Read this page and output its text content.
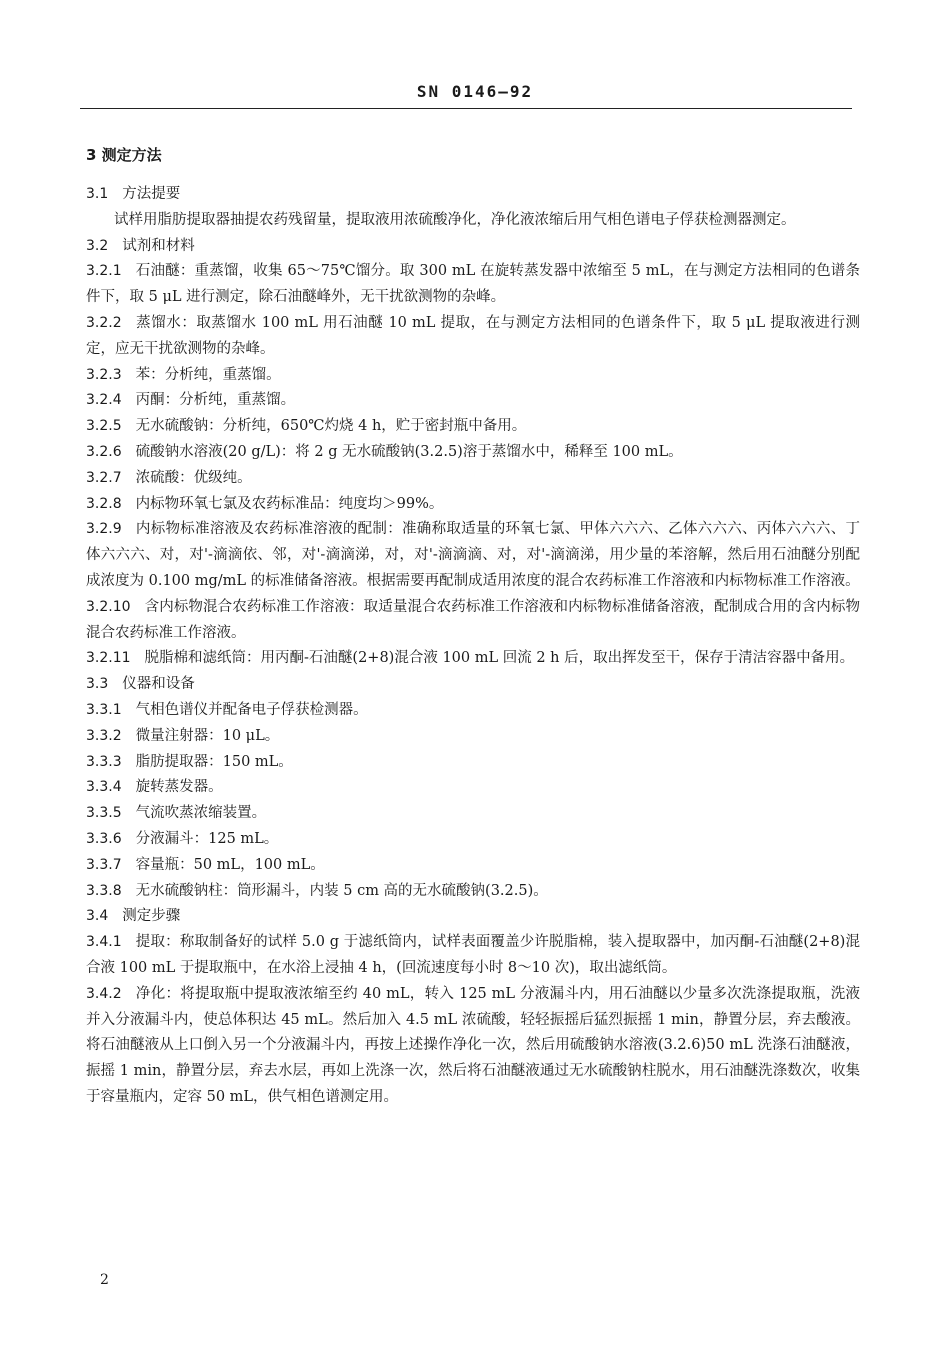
SN 0146—92
3 测定方法
3.1 方法提要
试样用脂肪提取器抽提农药残留量，提取液用浓硫酸净化，净化液浓缩后用气相色谱电子俘获检测器测定。
3.2 试剂和材料
3.2.1 石油醚：重蒸馏，收集 65～75℃馏分。取 300 mL 在旋转蒸发器中浓缩至 5 mL，在与测定方法相同的色谱条件下，取 5 μL 进行测定，除石油醚峰外，无干扰欲测物的杂峰。
3.2.2 蒸馏水：取蒸馏水 100 mL 用石油醚 10 mL 提取，在与测定方法相同的色谱条件下，取 5 μL 提取液进行测定，应无干扰欲测物的杂峰。
3.2.3 苯：分析纯，重蒸馏。
3.2.4 丙酮：分析纯，重蒸馏。
3.2.5 无水硫酸钠：分析纯，650℃灼烧 4 h，贮于密封瓶中备用。
3.2.6 硫酸钠水溶液(20 g/L)：将 2 g 无水硫酸钠(3.2.5)溶于蒸馏水中，稀释至 100 mL。
3.2.7 浓硫酸：优级纯。
3.2.8 内标物环氧七氯及农药标准品：纯度均＞99%。
3.2.9 内标物标准溶液及农药标准溶液的配制：准确称取适量的环氧七氯、甲体六六六、乙体六六六、丙体六六六、丁体六六六、对，对'-滴滴依、邻，对'-滴滴涕，对，对'-滴滴滴、对，对'-滴滴涕，用少量的苯溶解，然后用石油醚分别配成浓度为 0.100 mg/mL 的标准储备溶液。根据需要再配制成适用浓度的混合农药标准工作溶液和内标物标准工作溶液。
3.2.10 含内标物混合农药标准工作溶液：取适量混合农药标准工作溶液和内标物标准储备溶液，配制成合用的含内标物混合农药标准工作溶液。
3.2.11 脱脂棉和滤纸筒：用丙酮-石油醚(2+8)混合液 100 mL 回流 2 h 后，取出挥发至干，保存于清洁容器中备用。
3.3 仪器和设备
3.3.1 气相色谱仪并配备电子俘获检测器。
3.3.2 微量注射器：10 μL。
3.3.3 脂肪提取器：150 mL。
3.3.4 旋转蒸发器。
3.3.5 气流吹蒸浓缩装置。
3.3.6 分液漏斗：125 mL。
3.3.7 容量瓶：50 mL，100 mL。
3.3.8 无水硫酸钠柱：筒形漏斗，内装 5 cm 高的无水硫酸钠(3.2.5)。
3.4 测定步骤
3.4.1 提取：称取制备好的试样 5.0 g 于滤纸筒内，试样表面覆盖少许脱脂棉，装入提取器中，加丙酮-石油醚(2+8)混合液 100 mL 于提取瓶中，在水浴上浸抽 4 h，(回流速度每小时 8～10 次)，取出滤纸筒。
3.4.2 净化：将提取瓶中提取液浓缩至约 40 mL，转入 125 mL 分液漏斗内，用石油醚以少量多次洗涤提取瓶，洗液并入分液漏斗内，使总体积达 45 mL。然后加入 4.5 mL 浓硫酸，轻轻振摇后猛烈振摇 1 min，静置分层，弃去酸液。将石油醚液从上口倒入另一个分液漏斗内，再按上述操作净化一次，然后用硫酸钠水溶液(3.2.6)50 mL 洗涤石油醚液，振摇 1 min，静置分层，弃去水层，再如上洗涤一次，然后将石油醚液通过无水硫酸钠柱脱水，用石油醚洗涤数次，收集于容量瓶内，定容 50 mL，供气相色谱测定用。
2
